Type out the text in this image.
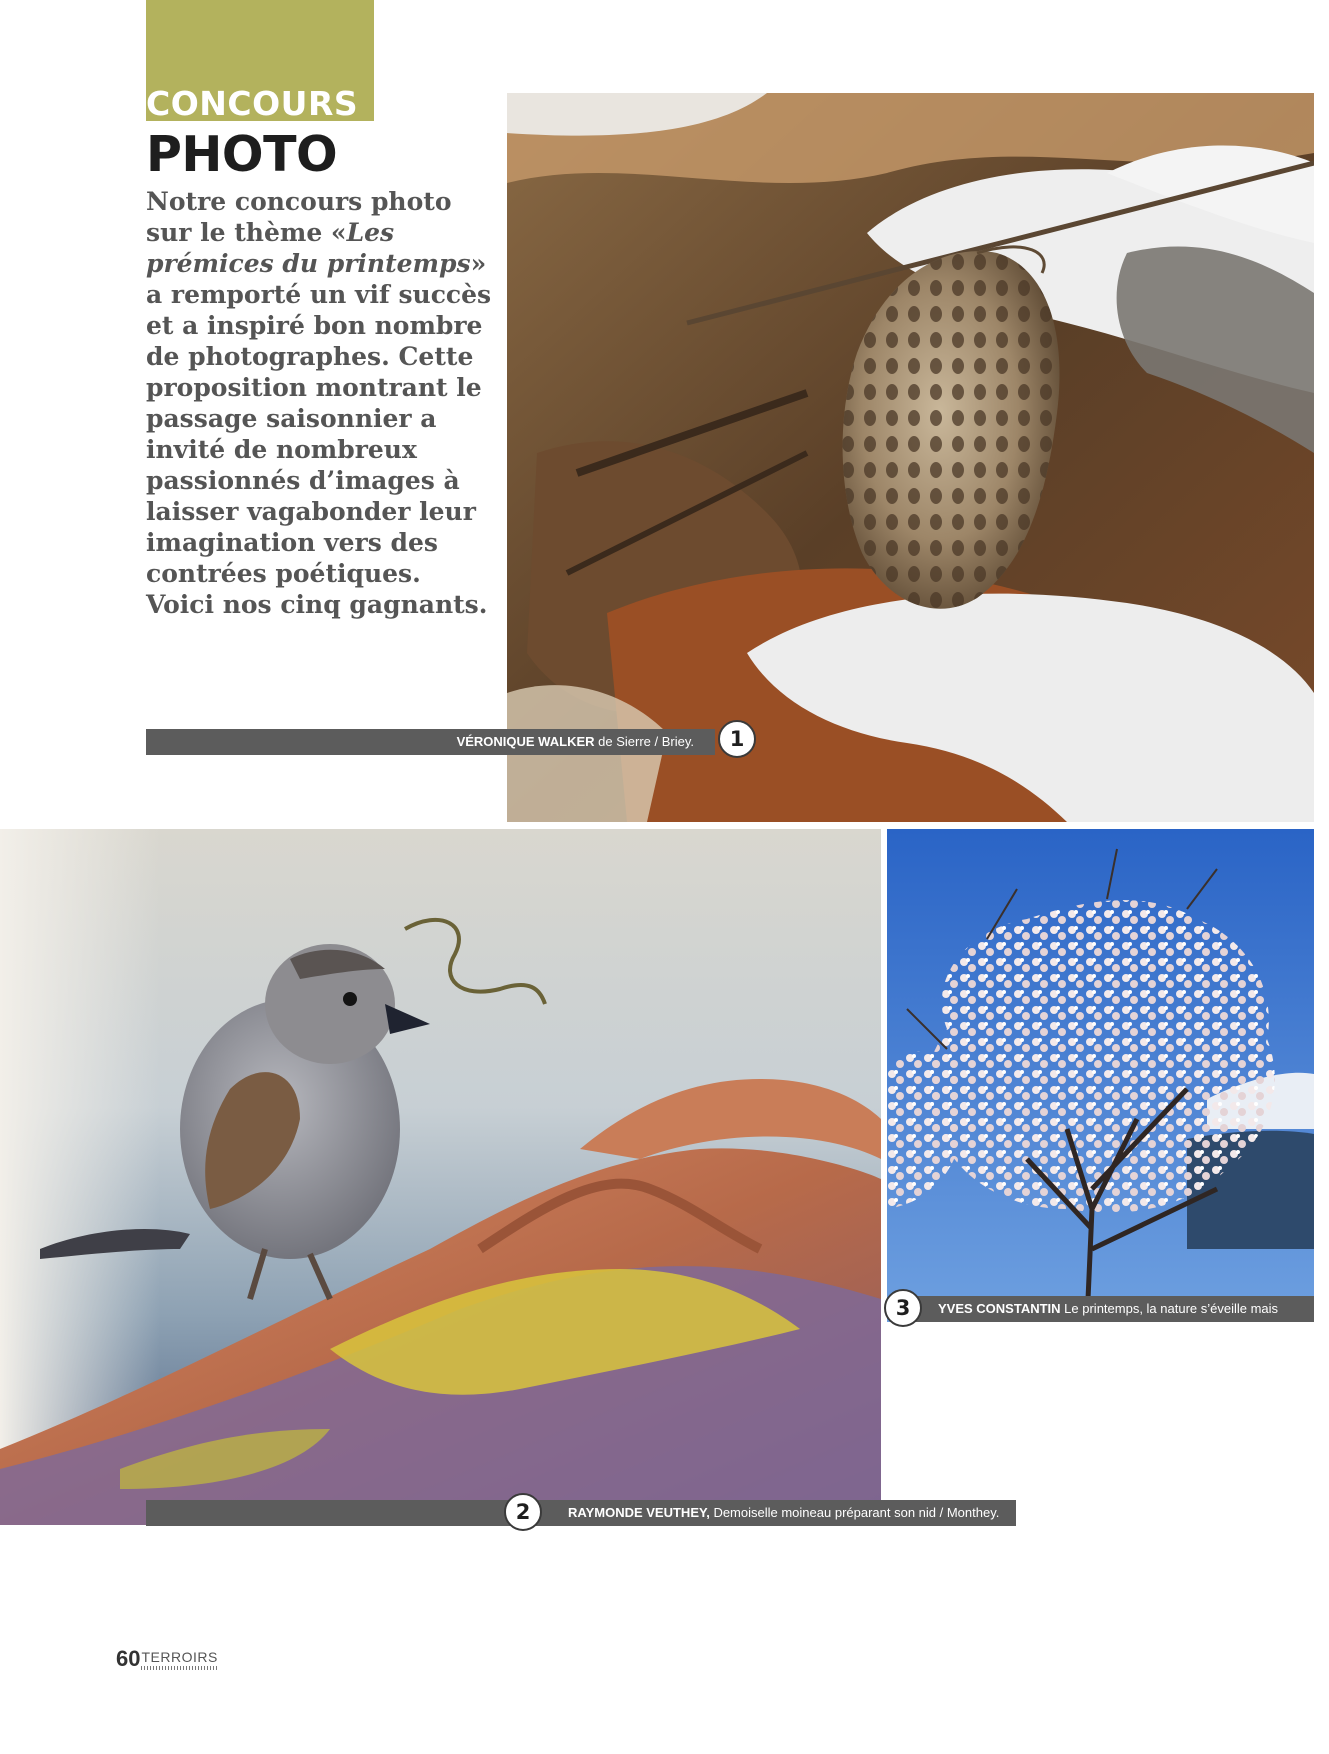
CONCOURS
PHOTO

Notre concours photo sur le thème «Les prémices du printemps» a remporté un vif succès et a inspiré bon nombre de photographes. Cette proposition montrant le passage saisonnier a invité de nombreux passionnés d’images à laisser vagabonder leur imagination vers des contrées poétiques. Voici nos cinq gagnants.

VÉRONIQUE WALKER de Sierre / Briey.	1
YVES CONSTANTIN Le printemps, la nature s’éveille mais
3
RAYMONDE VEUTHEY, Demoiselle moineau préparant son nid / Monthey.
2
60TERROIRS
